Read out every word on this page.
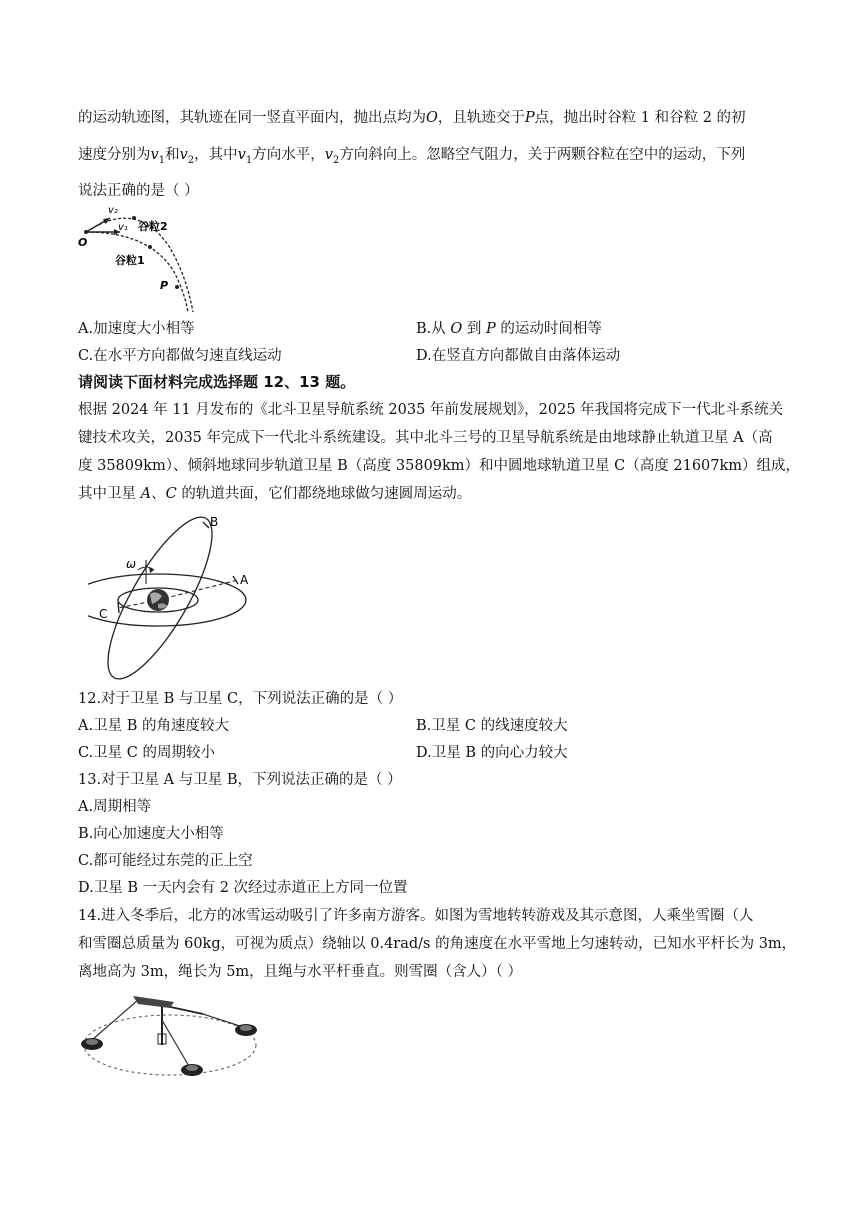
的运动轨迹图，其轨迹在同一竖直平面内，抛出点均为O，且轨迹交于P点，抛出时谷粒 1 和谷粒 2 的初
速度分别为$v_1$和$v_2$，其中$v_1$方向水平，$v_2$方向斜向上。忽略空气阻力，关于两颗谷粒在空中的运动，下列
说法正确的是（ ）
v₂
v₁
O
谷粒2
谷粒1
P
A.加速度大小相等	B.从 O 到 P 的运动时间相等
C.在水平方向都做匀速直线运动	D.在竖直方向都做自由落体运动
请阅读下面材料完成选择题 12、13 题。
根据 2024 年 11 月发布的《北斗卫星导航系统 2035 年前发展规划》，2025 年我国将完成下一代北斗系统关
键技术攻关，2035 年完成下一代北斗系统建设。其中北斗三号的卫星导航系统是由地球静止轨道卫星 A（高
度 35809km）、倾斜地球同步轨道卫星 B（高度 35809km）和中圆地球轨道卫星 C（高度 21607km）组成，
其中卫星 A、C 的轨道共面，它们都绕地球做匀速圆周运动。
B
A
C
ω
12.对于卫星 B 与卫星 C，下列说法正确的是（ ）
A.卫星 B 的角速度较大	B.卫星 C 的线速度较大
C.卫星 C 的周期较小	D.卫星 B 的向心力较大
13.对于卫星 A 与卫星 B，下列说法正确的是（ ）
A.周期相等
B.向心加速度大小相等
C.都可能经过东莞的正上空
D.卫星 B 一天内会有 2 次经过赤道正上方同一位置
14.进入冬季后，北方的冰雪运动吸引了许多南方游客。如图为雪地转转游戏及其示意图，人乘坐雪圈（人
和雪圈总质量为 60kg，可视为质点）绕轴以 0.4rad/s 的角速度在水平雪地上匀速转动，已知水平杆长为 3m，
离地高为 3m，绳长为 5m，且绳与水平杆垂直。则雪圈（含人）（ ）
